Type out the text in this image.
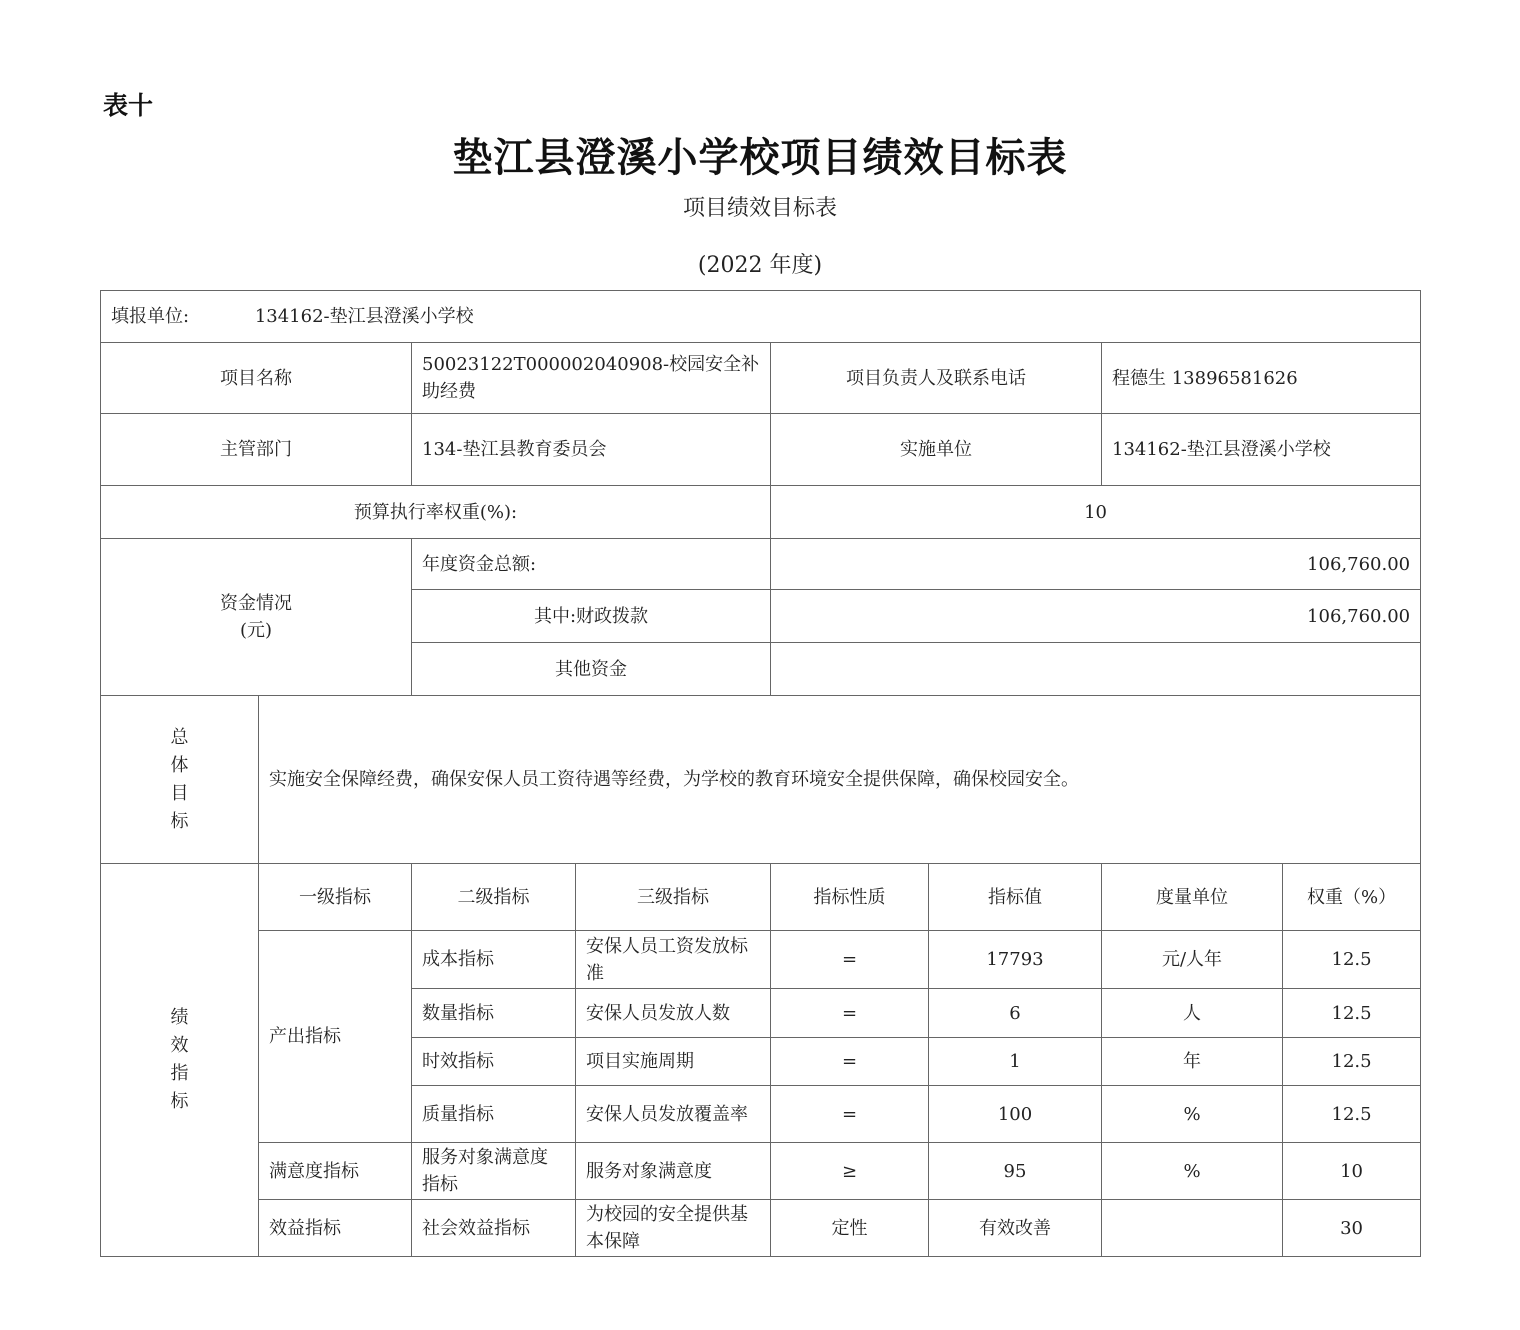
表十
垫江县澄溪小学校项目绩效目标表
项目绩效目标表
(2022 年度)
填报单位: 134162-垫江县澄溪小学校							
项目名称		50023122T000002040908-校园安全补助经费		项目负责人及联系电话		程德生 13896581626	
主管部门		134-垫江县教育委员会		实施单位		134162-垫江县澄溪小学校	
预算执行率权重(%):				10			

资金情况
(元)		年度资金总额:		106,760.00			
		其中:财政拨款		106,760.00			
		其他资金					

总
体
目
标	实施安全保障经费，确保安保人员工资待遇等经费，为学校的教育环境安全提供保障，确保校园安全。						

绩
效
指
标	一级指标	二级指标	三级指标	指标性质	指标值	度量单位	权重（%）
	产出指标	成本指标	安保人员工资发放标准	=	17793	元/人年	12.5
		数量指标	安保人员发放人数	=	6	人	12.5
		时效指标	项目实施周期	=	1	年	12.5
		质量指标	安保人员发放覆盖率	=	100	%	12.5
	满意度指标	服务对象满意度指标	服务对象满意度	≥	95	%	10
	效益指标	社会效益指标	为校园的安全提供基本保障	定性	有效改善		30
